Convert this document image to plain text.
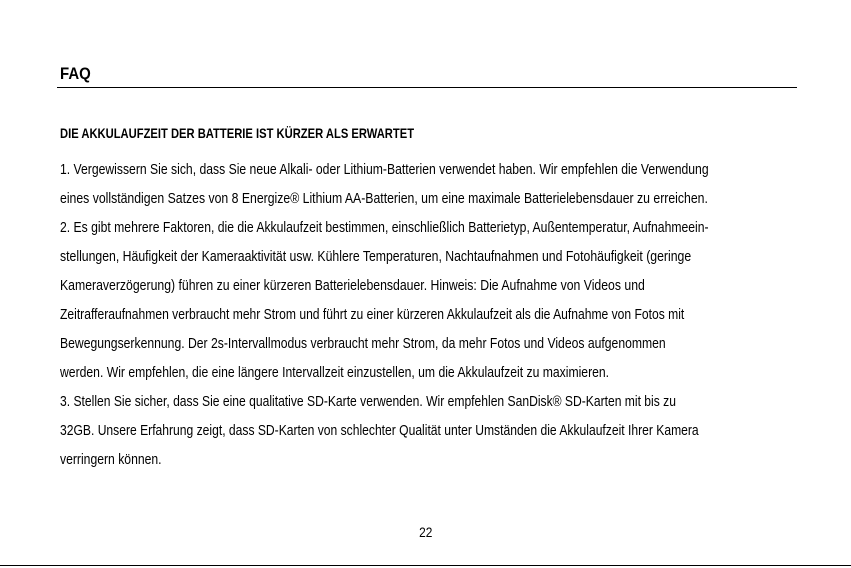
FAQ
DIE AKKULAUFZEIT DER BATTERIE IST KÜRZER ALS ERWARTET
1. Vergewissern Sie sich, dass Sie neue Alkali- oder Lithium-Batterien verwendet haben. Wir empfehlen die Verwendung
eines vollständigen Satzes von 8 Energize® Lithium AA-Batterien, um eine maximale Batterielebensdauer zu erreichen.
2. Es gibt mehrere Faktoren, die die Akkulaufzeit bestimmen, einschließlich Batterietyp, Außentemperatur, Aufnahmeein-
stellungen, Häufigkeit der Kameraaktivität usw. Kühlere Temperaturen, Nachtaufnahmen und Fotohäufigkeit (geringe
Kameraverzögerung) führen zu einer kürzeren Batterielebensdauer. Hinweis: Die Aufnahme von Videos und
Zeitrafferaufnahmen verbraucht mehr Strom und führt zu einer kürzeren Akkulaufzeit als die Aufnahme von Fotos mit
Bewegungserkennung. Der 2s-Intervallmodus verbraucht mehr Strom, da mehr Fotos und Videos aufgenommen
werden. Wir empfehlen, die eine längere Intervallzeit einzustellen, um die Akkulaufzeit zu maximieren.
3. Stellen Sie sicher, dass Sie eine qualitative SD-Karte verwenden. Wir empfehlen SanDisk® SD-Karten mit bis zu
32GB. Unsere Erfahrung zeigt, dass SD-Karten von schlechter Qualität unter Umständen die Akkulaufzeit Ihrer Kamera
verringern können.
22
